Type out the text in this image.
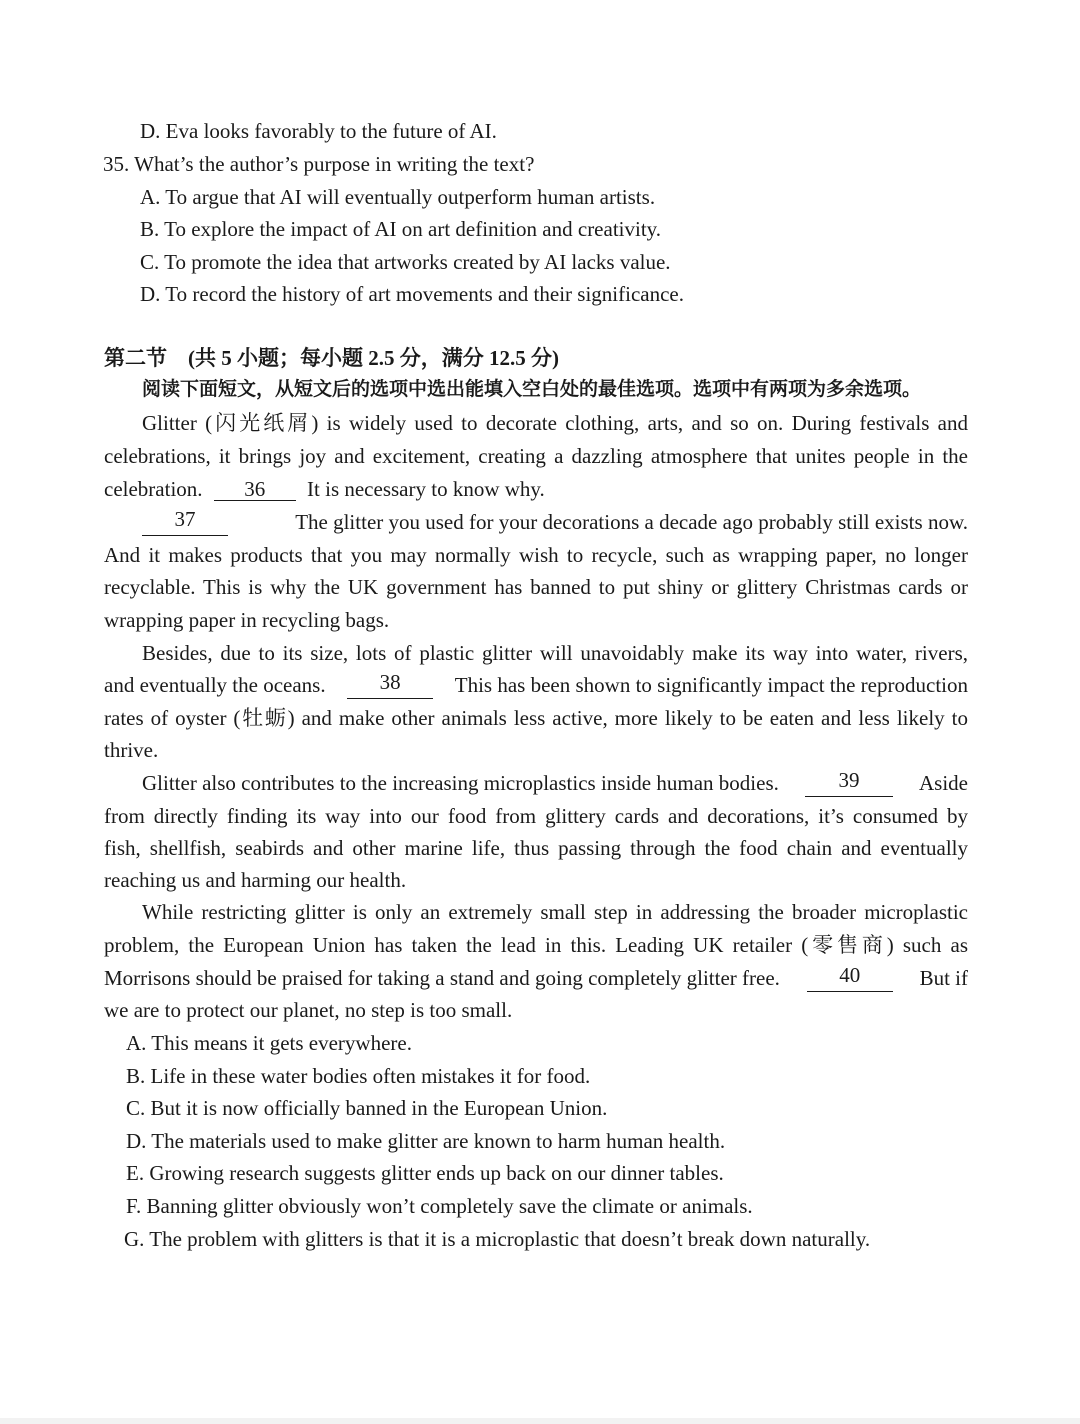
D. Eva looks favorably to the future of AI.
35. What’s the author’s purpose in writing the text?
A. To argue that AI will eventually outperform human artists.
B. To explore the impact of AI on art definition and creativity.
C. To promote the idea that artworks created by AI lacks value.
D. To record the history of art movements and their significance.
第二节　(共 5 小题；每小题 2.5 分，满分 12.5 分)
阅读下面短文，从短文后的选项中选出能填入空白处的最佳选项。选项中有两项为多余选项。
Glitter (闪光纸屑) is widely used to decorate clothing, arts, and so on. During festivals and
celebrations, it brings joy and excitement, creating a dazzling atmosphere that unites people in the
celebration. 36 It is necessary to know why.
37	The glitter you used for your decorations a decade ago probably still exists now.
And it makes products that you may normally wish to recycle, such as wrapping paper, no longer
recyclable. This is why the UK government has banned to put shiny or glittery Christmas cards or
wrapping paper in recycling bags.
Besides, due to its size, lots of plastic glitter will unavoidably make its way into water, rivers,
and eventually the oceans.	38	This has been shown to significantly impact the reproduction
rates of oyster (牡蛎) and make other animals less active, more likely to be eaten and less likely to
thrive.
Glitter also contributes to the increasing microplastics inside human bodies.	39	Aside
from directly finding its way into our food from glittery cards and decorations, it’s consumed by
fish, shellfish, seabirds and other marine life, thus passing through the food chain and eventually
reaching us and harming our health.
While restricting glitter is only an extremely small step in addressing the broader microplastic
problem, the European Union has taken the lead in this. Leading UK retailer (零售商) such as
Morrisons should be praised for taking a stand and going completely glitter free.	40	But if
we are to protect our planet, no step is too small.
A. This means it gets everywhere.
B. Life in these water bodies often mistakes it for food.
C. But it is now officially banned in the European Union.
D. The materials used to make glitter are known to harm human health.
E. Growing research suggests glitter ends up back on our dinner tables.
F. Banning glitter obviously won’t completely save the climate or animals.
G. The problem with glitters is that it is a microplastic that doesn’t break down naturally.
